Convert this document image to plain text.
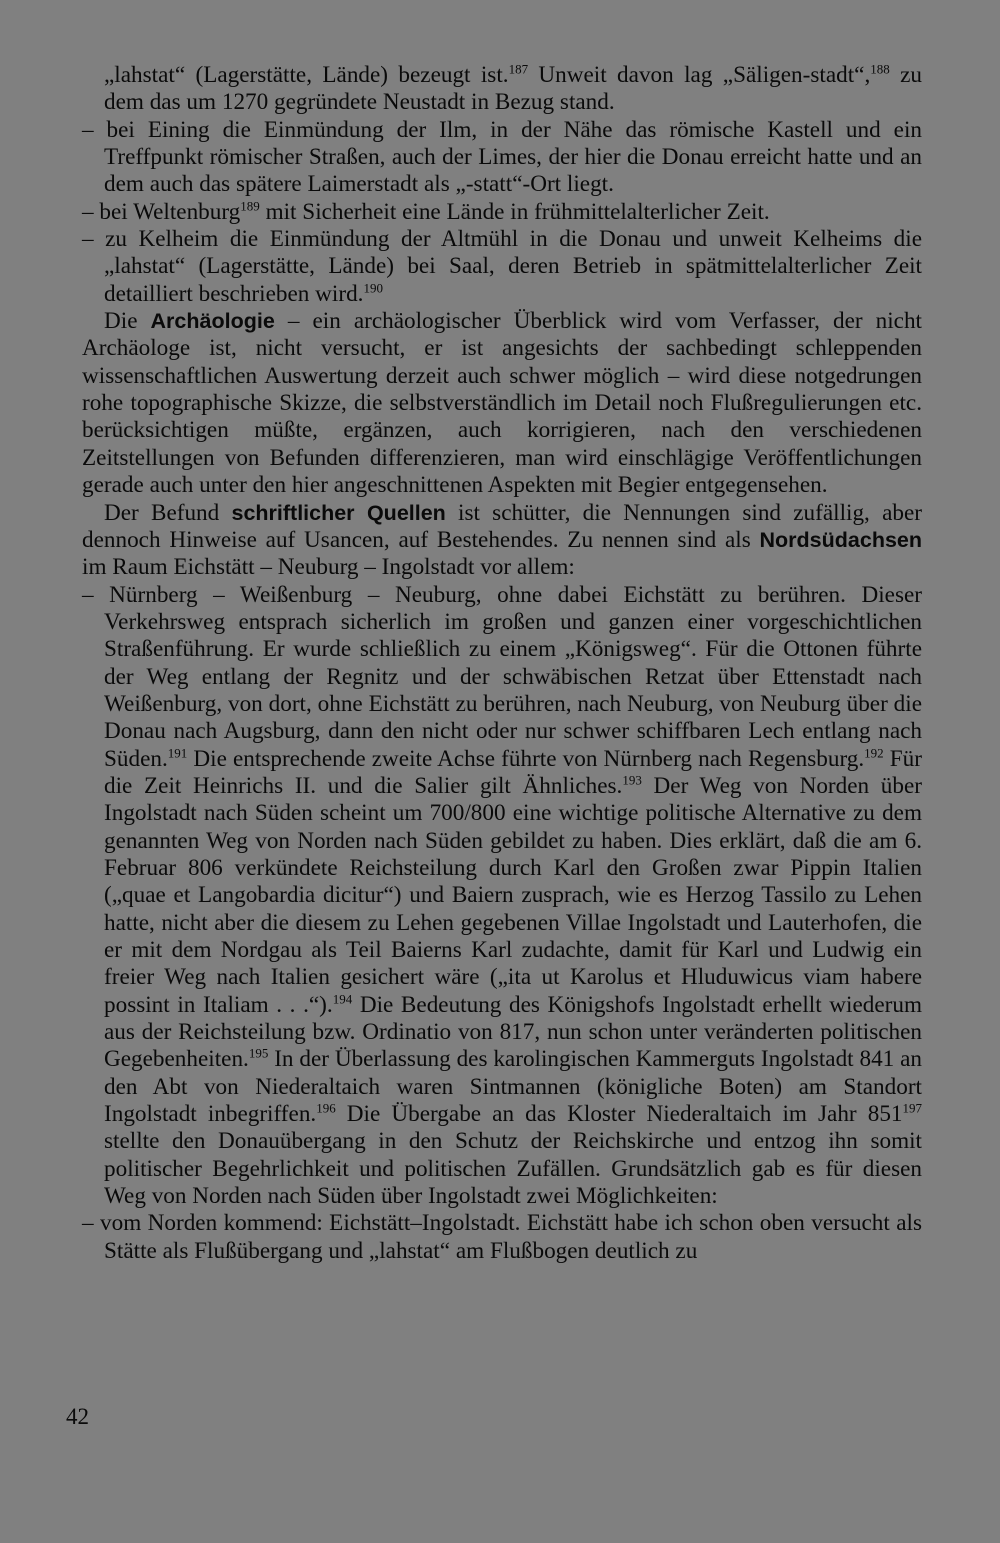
„lahstat“ (Lagerstätte, Lände) bezeugt ist.$^{187}$ Unweit davon lag „Säligen-stadt“,$^{188}$ zu dem das um 1270 gegründete Neustadt in Bezug stand.

– bei Eining die Einmündung der Ilm, in der Nähe das römische Kastell und ein Treffpunkt römischer Straßen, auch der Limes, der hier die Donau erreicht hatte und an dem auch das spätere Laimerstadt als „-statt“-Ort liegt.

– bei Weltenburg$^{189}$ mit Sicherheit eine Lände in frühmittelalterlicher Zeit.

– zu Kelheim die Einmündung der Altmühl in die Donau und unweit Kelheims die „lahstat“ (Lagerstätte, Lände) bei Saal, deren Betrieb in spätmittelalterlicher Zeit detailliert beschrieben wird.$^{190}$

Die Archäologie – ein archäologischer Überblick wird vom Verfasser, der nicht Archäologe ist, nicht versucht, er ist angesichts der sachbedingt schleppenden wissenschaftlichen Auswertung derzeit auch schwer möglich – wird diese notgedrungen rohe topographische Skizze, die selbstverständlich im Detail noch Flußregulierungen etc. berücksichtigen müßte, ergänzen, auch korrigieren, nach den verschiedenen Zeitstellungen von Befunden differenzieren, man wird einschlägige Veröffentlichungen gerade auch unter den hier angeschnittenen Aspekten mit Begier entgegensehen.

Der Befund schriftlicher Quellen ist schütter, die Nennungen sind zufällig, aber dennoch Hinweise auf Usancen, auf Bestehendes. Zu nennen sind als Nordsüdachsen im Raum Eichstätt – Neuburg – Ingolstadt vor allem:

– Nürnberg – Weißenburg – Neuburg, ohne dabei Eichstätt zu berühren. Dieser Verkehrsweg entsprach sicherlich im großen und ganzen einer vorgeschichtlichen Straßenführung. Er wurde schließlich zu einem „Königsweg“. Für die Ottonen führte der Weg entlang der Regnitz und der schwäbischen Retzat über Ettenstadt nach Weißenburg, von dort, ohne Eichstätt zu berühren, nach Neuburg, von Neuburg über die Donau nach Augsburg, dann den nicht oder nur schwer schiffbaren Lech entlang nach Süden.$^{191}$ Die entsprechende zweite Achse führte von Nürnberg nach Regensburg.$^{192}$ Für die Zeit Heinrichs II. und die Salier gilt Ähnliches.$^{193}$ Der Weg von Norden über Ingolstadt nach Süden scheint um 700/800 eine wichtige politische Alternative zu dem genannten Weg von Norden nach Süden gebildet zu haben. Dies erklärt, daß die am 6. Februar 806 verkündete Reichsteilung durch Karl den Großen zwar Pippin Italien („quae et Langobardia dicitur“) und Baiern zusprach, wie es Herzog Tassilo zu Lehen hatte, nicht aber die diesem zu Lehen gegebenen Villae Ingolstadt und Lauterhofen, die er mit dem Nordgau als Teil Baierns Karl zudachte, damit für Karl und Ludwig ein freier Weg nach Italien gesichert wäre („ita ut Karolus et Hluduwicus viam habere possint in Italiam . . .“).$^{194}$ Die Bedeutung des Königshofs Ingolstadt erhellt wiederum aus der Reichsteilung bzw. Ordinatio von 817, nun schon unter veränderten politischen Gegebenheiten.$^{195}$ In der Überlassung des karolingischen Kammerguts Ingolstadt 841 an den Abt von Niederaltaich waren Sintmannen (königliche Boten) am Standort Ingolstadt inbegriffen.$^{196}$ Die Übergabe an das Kloster Niederaltaich im Jahr $851^{197}$ stellte den Donauübergang in den Schutz der Reichskirche und entzog ihn somit politischer Begehrlichkeit und politischen Zufällen. Grundsätzlich gab es für diesen Weg von Norden nach Süden über Ingolstadt zwei Möglichkeiten:

– vom Norden kommend: Eichstätt–Ingolstadt. Eichstätt habe ich schon oben versucht als Stätte als Flußübergang und „lahstat“ am Flußbogen deutlich zu

42
